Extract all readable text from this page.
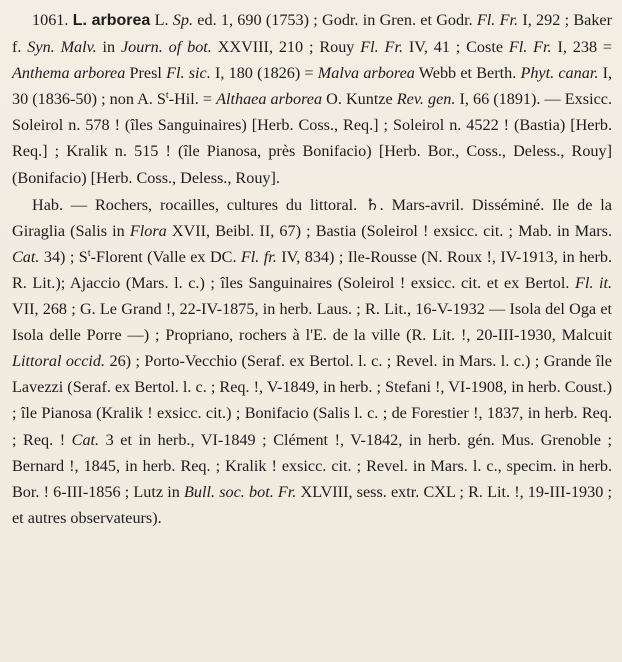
1061. L. arborea L. Sp. ed. 1, 690 (1753) ; Godr. in Gren. et Godr. Fl. Fr. I, 292 ; Baker f. Syn. Malv. in Journ. of bot. XXVIII, 210 ; Rouy Fl. Fr. IV, 41 ; Coste Fl. Fr. I, 238 = Anthema arborea Presl Fl. sic. I, 180 (1826) = Malva arborea Webb et Berth. Phyt. canar. I, 30 (1836-50) ; non A. $S^t$-Hil. = Althaea arborea O. Kuntze Rev. gen. I, 66 (1891). — Exsicc. Soleirol n. 578 ! (îles Sanguinaires) [Herb. Coss., Req.] ; Soleirol n. 4522 ! (Bastia) [Herb. Req.] ; Kralik n. 515 ! (île Pianosa, près Bonifacio) [Herb. Bor., Coss., Deless., Rouy] (Bonifacio) [Herb. Coss., Deless., Rouy].

Hab. — Rochers, rocailles, cultures du littoral. ♄. Mars-avril. Disséminé. Ile de la Giraglia (Salis in Flora XVII, Beibl. II, 67) ; Bastia (Soleirol ! exsicc. cit. ; Mab. in Mars. Cat. 34) ; $S^t$-Florent (Valle ex DC. Fl. fr. IV, 834) ; Ile-Rousse (N. Roux !, IV-1913, in herb. R. Lit.); Ajaccio (Mars. l. c.) ; îles Sanguinaires (Soleirol ! exsicc. cit. et ex Bertol. Fl. it. VII, 268 ; G. Le Grand !, 22-IV-1875, in herb. Laus. ; R. Lit., 16-V-1932 — Isola del Oga et Isola delle Porre —) ; Propriano, rochers à l'E. de la ville (R. Lit. !, 20-III-1930, Malcuit Littoral occid. 26) ; Porto-Vecchio (Seraf. ex Bertol. l. c. ; Revel. in Mars. l. c.) ; Grande île Lavezzi (Seraf. ex Bertol. l. c. ; Req. !, V-1849, in herb. ; Stefani !, VI-1908, in herb. Coust.) ; île Pianosa (Kralik ! exsicc. cit.) ; Bonifacio (Salis l. c. ; de Forestier !, 1837, in herb. Req. ; Req. ! Cat. 3 et in herb., VI-1849 ; Clément !, V-1842, in herb. gén. Mus. Grenoble ; Bernard !, 1845, in herb. Req. ; Kralik ! exsicc. cit. ; Revel. in Mars. l. c., specim. in herb. Bor. ! 6-III-1856 ; Lutz in Bull. soc. bot. Fr. XLVIII, sess. extr. CXL ; R. Lit. !, 19-III-1930 ; et autres observateurs).
